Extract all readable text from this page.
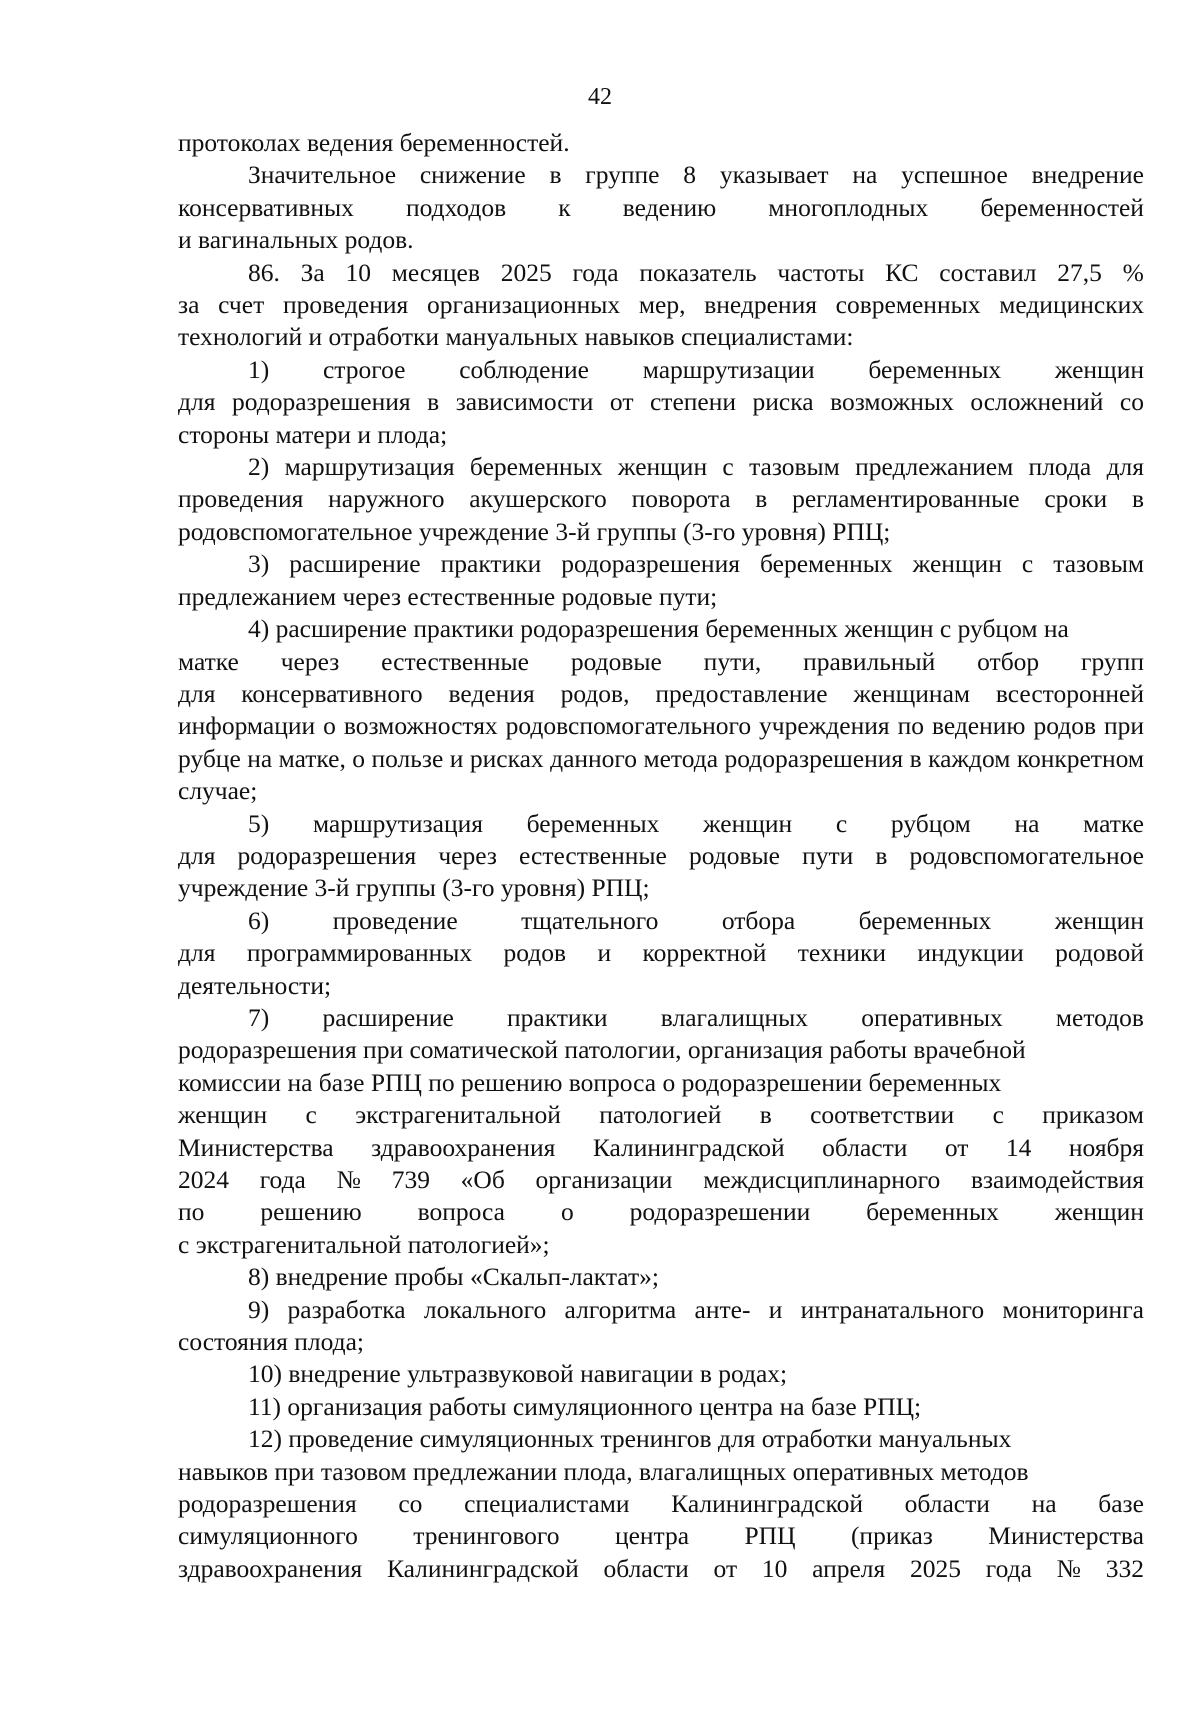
42
протоколах ведения беременностей.
Значительное снижение в группе 8 указывает на успешное внедрение
консервативных подходов к ведению многоплодных беременностей
и вагинальных родов.
86. За 10 месяцев 2025 года показатель частоты КС составил 27,5 %

за счет проведения организационных мер, внедрения современных медицинских технологий и отработки мануальных навыков специалистами:

1) строгое соблюдение маршрутизации беременных женщин

для родоразрешения в зависимости от степени риска возможных осложнений со стороны матери и плода;

2) маршрутизация беременных женщин с тазовым предлежанием плода для проведения наружного акушерского поворота в регламентированные сроки в родовспомогательное учреждение 3-й группы (3-го уровня) РПЦ;

3) расширение практики родоразрешения беременных женщин с тазовым предлежанием через естественные родовые пути;

4) расширение практики родоразрешения беременных женщин с рубцом на
матке через естественные родовые пути, правильный отбор групп

для консервативного ведения родов, предоставление женщинам всесторонней информации о возможностях родовспомогательного учреждения по ведению родов при рубце на матке, о пользе и рисках данного метода родоразрешения в каждом конкретном случае;

5) маршрутизация беременных женщин с рубцом на матке

для родоразрешения через естественные родовые пути в родовспомогательное учреждение 3-й группы (3-го уровня) РПЦ;

6) проведение тщательного отбора беременных женщин
для программированных родов и корректной техники индукции родовой
деятельности;
7) расширение практики влагалищных оперативных методов
родоразрешения при соматической патологии, организация работы врачебной
комиссии на базе РПЦ по решению вопроса о родоразрешении беременных
женщин с экстрагенитальной патологией в соответствии с приказом
Министерства здравоохранения Калининградской области от 14 ноября
2024 года № 739 «Об организации междисциплинарного взаимодействия
по решению вопроса о родоразрешении беременных женщин
с экстрагенитальной патологией»;

8) внедрение пробы «Скальп-лактат»;

9) разработка локального алгоритма анте- и интранатального мониторинга состояния плода;

10) внедрение ультразвуковой навигации в родах;

11) организация работы симуляционного центра на базе РПЦ;

12) проведение симуляционных тренингов для отработки мануальных
навыков при тазовом предлежании плода, влагалищных оперативных методов
родоразрешения со специалистами Калининградской области на базе
симуляционного тренингового центра РПЦ (приказ Министерства
здравоохранения Калининградской области от 10 апреля 2025 года № 332
